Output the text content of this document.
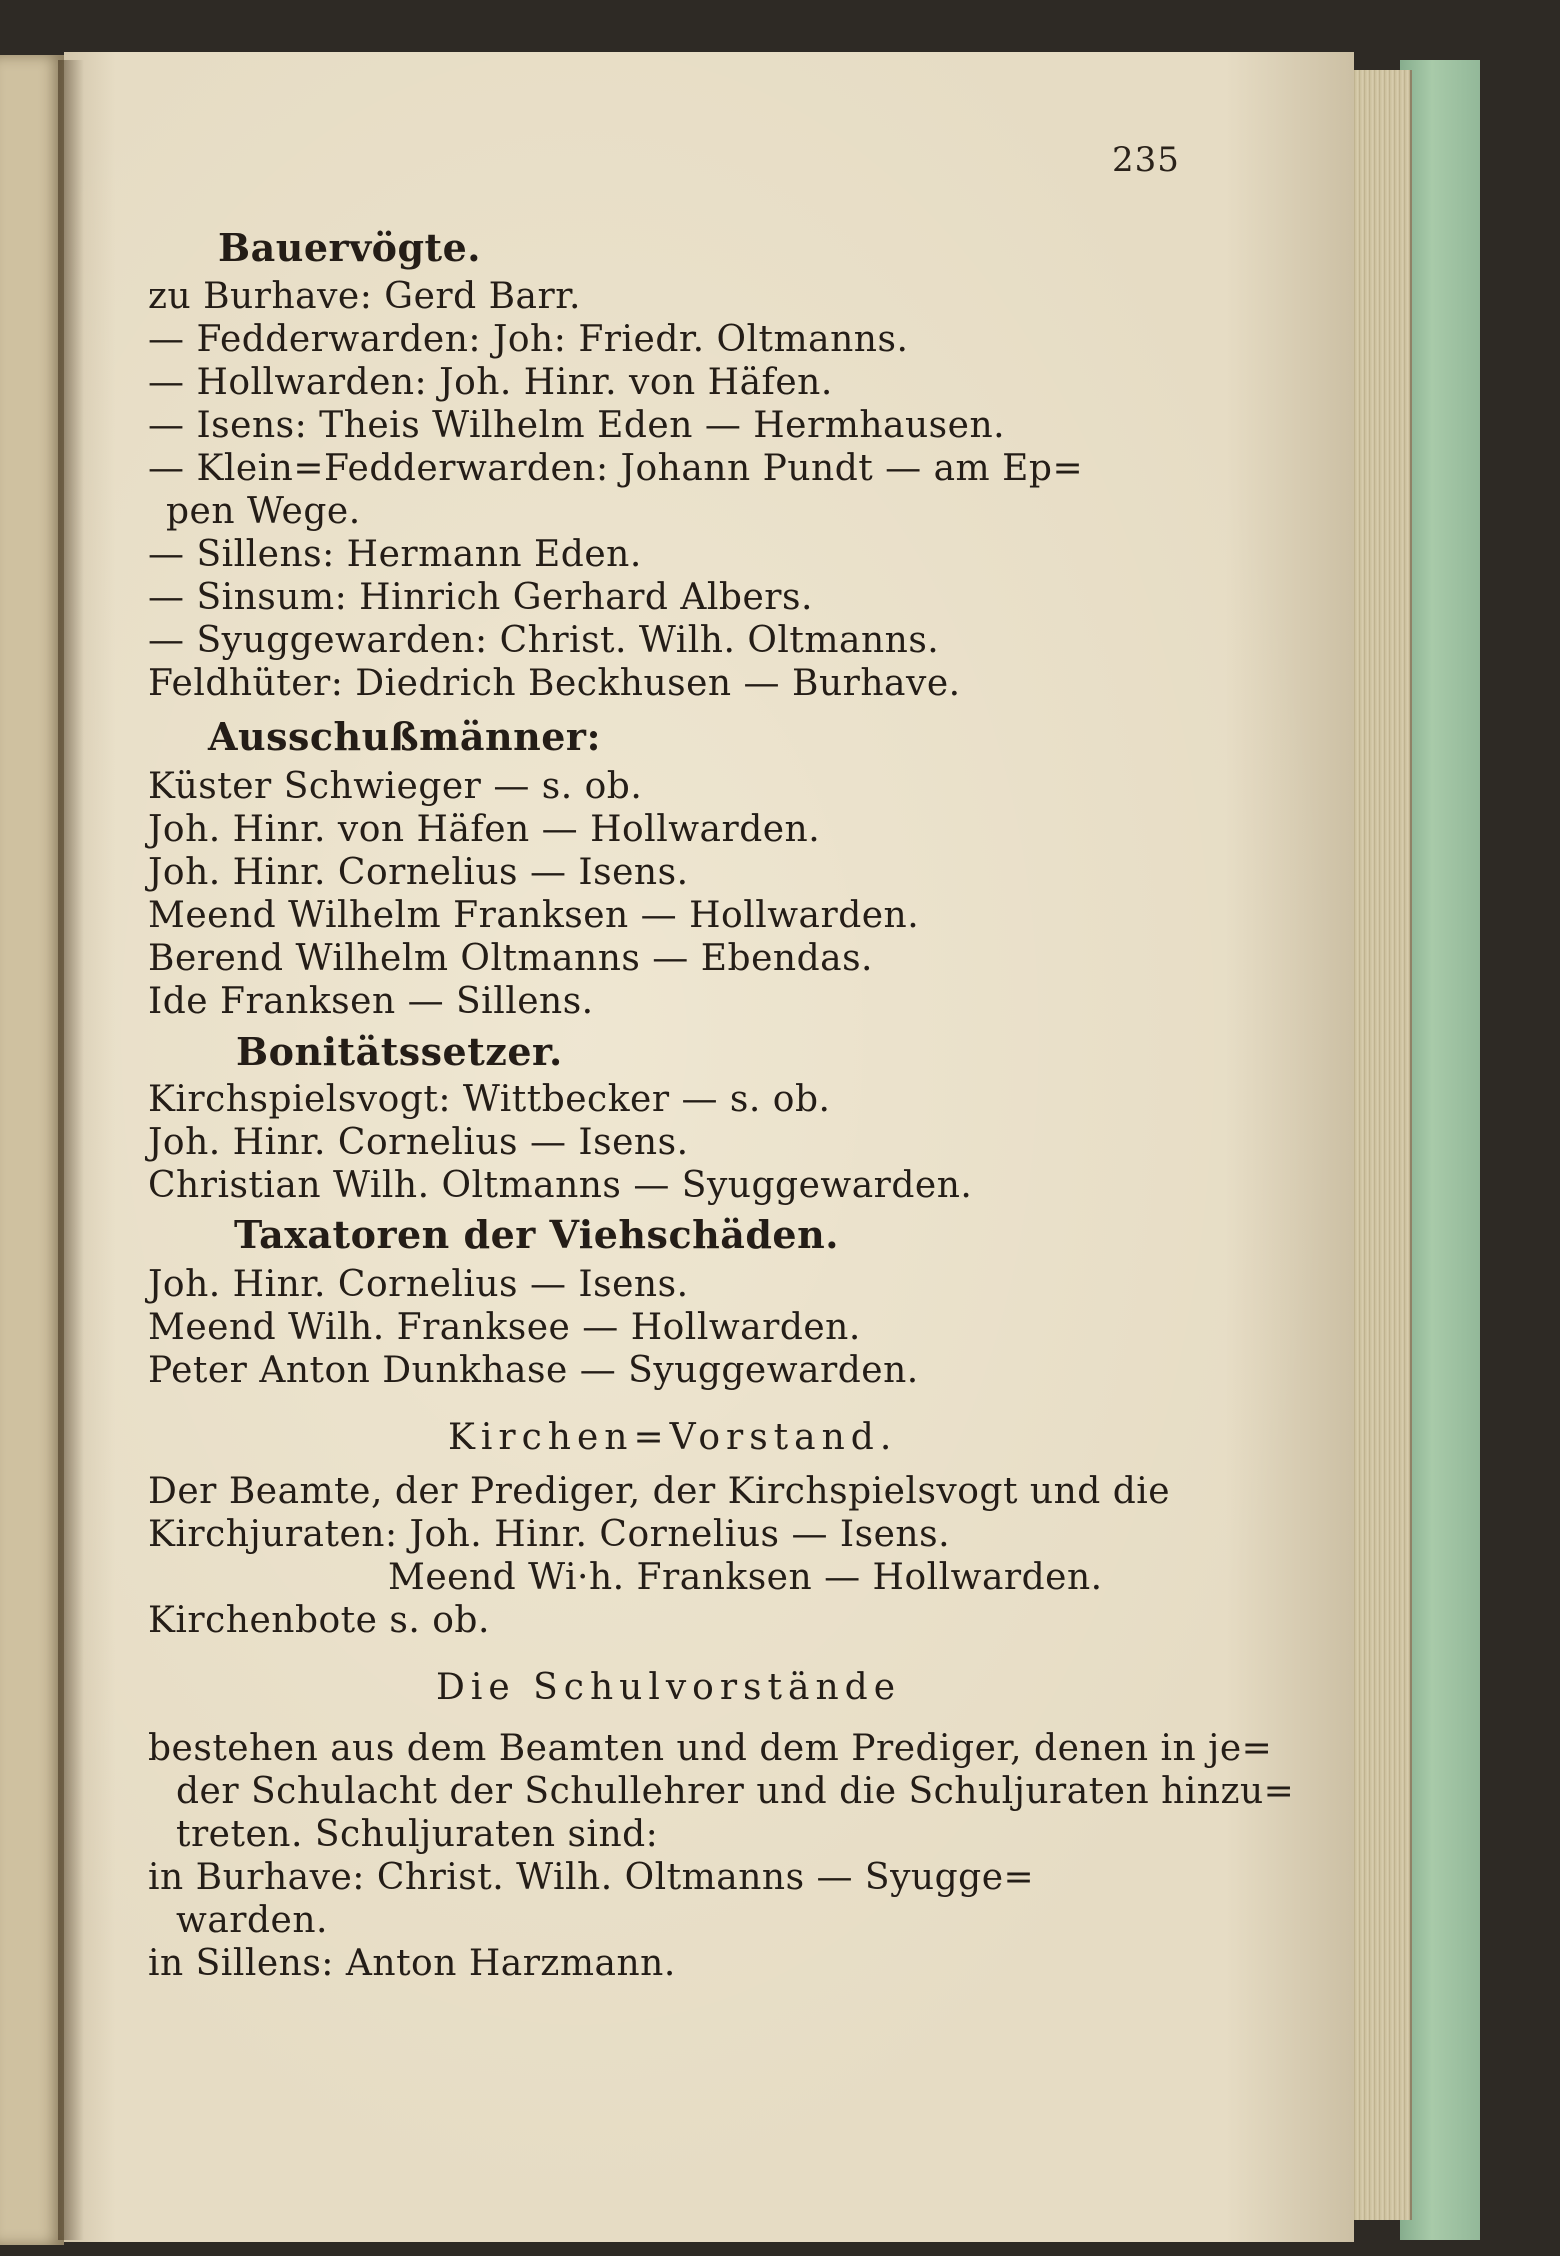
235
Bauervögte.
zu Burhave: Gerd Barr.
— Fedderwarden: Joh: Friedr. Oltmanns.
— Hollwarden: Joh. Hinr. von Häfen.
— Isens: Theis Wilhelm Eden — Hermhausen.
— Klein=Fedderwarden: Johann Pundt — am Ep=
pen Wege.
— Sillens: Hermann Eden.
— Sinsum: Hinrich Gerhard Albers.
— Syuggewarden: Christ. Wilh. Oltmanns.
Feldhüter: Diedrich Beckhusen — Burhave.
Ausschußmänner:
Küster Schwieger — s. ob.
Joh. Hinr. von Häfen — Hollwarden.
Joh. Hinr. Cornelius — Isens.
Meend Wilhelm Franksen — Hollwarden.
Berend Wilhelm Oltmanns — Ebendas.
Ide Franksen — Sillens.
Bonitätssetzer.
Kirchspielsvogt: Wittbecker — s. ob.
Joh. Hinr. Cornelius — Isens.
Christian Wilh. Oltmanns — Syuggewarden.
Taxatoren der Viehschäden.
Joh. Hinr. Cornelius — Isens.
Meend Wilh. Franksee — Hollwarden.
Peter Anton Dunkhase — Syuggewarden.
Kirchen=Vorstand.
Der Beamte, der Prediger, der Kirchspielsvogt und die
Kirchjuraten: Joh. Hinr. Cornelius — Isens.
Meend Wi·h. Franksen — Hollwarden.
Kirchenbote s. ob.
Die Schulvorstände
bestehen aus dem Beamten und dem Prediger, denen in je=
der Schulacht der Schullehrer und die Schuljuraten hinzu=
treten. Schuljuraten sind:
in Burhave: Christ. Wilh. Oltmanns — Syugge=
warden.
in Sillens: Anton Harzmann.
